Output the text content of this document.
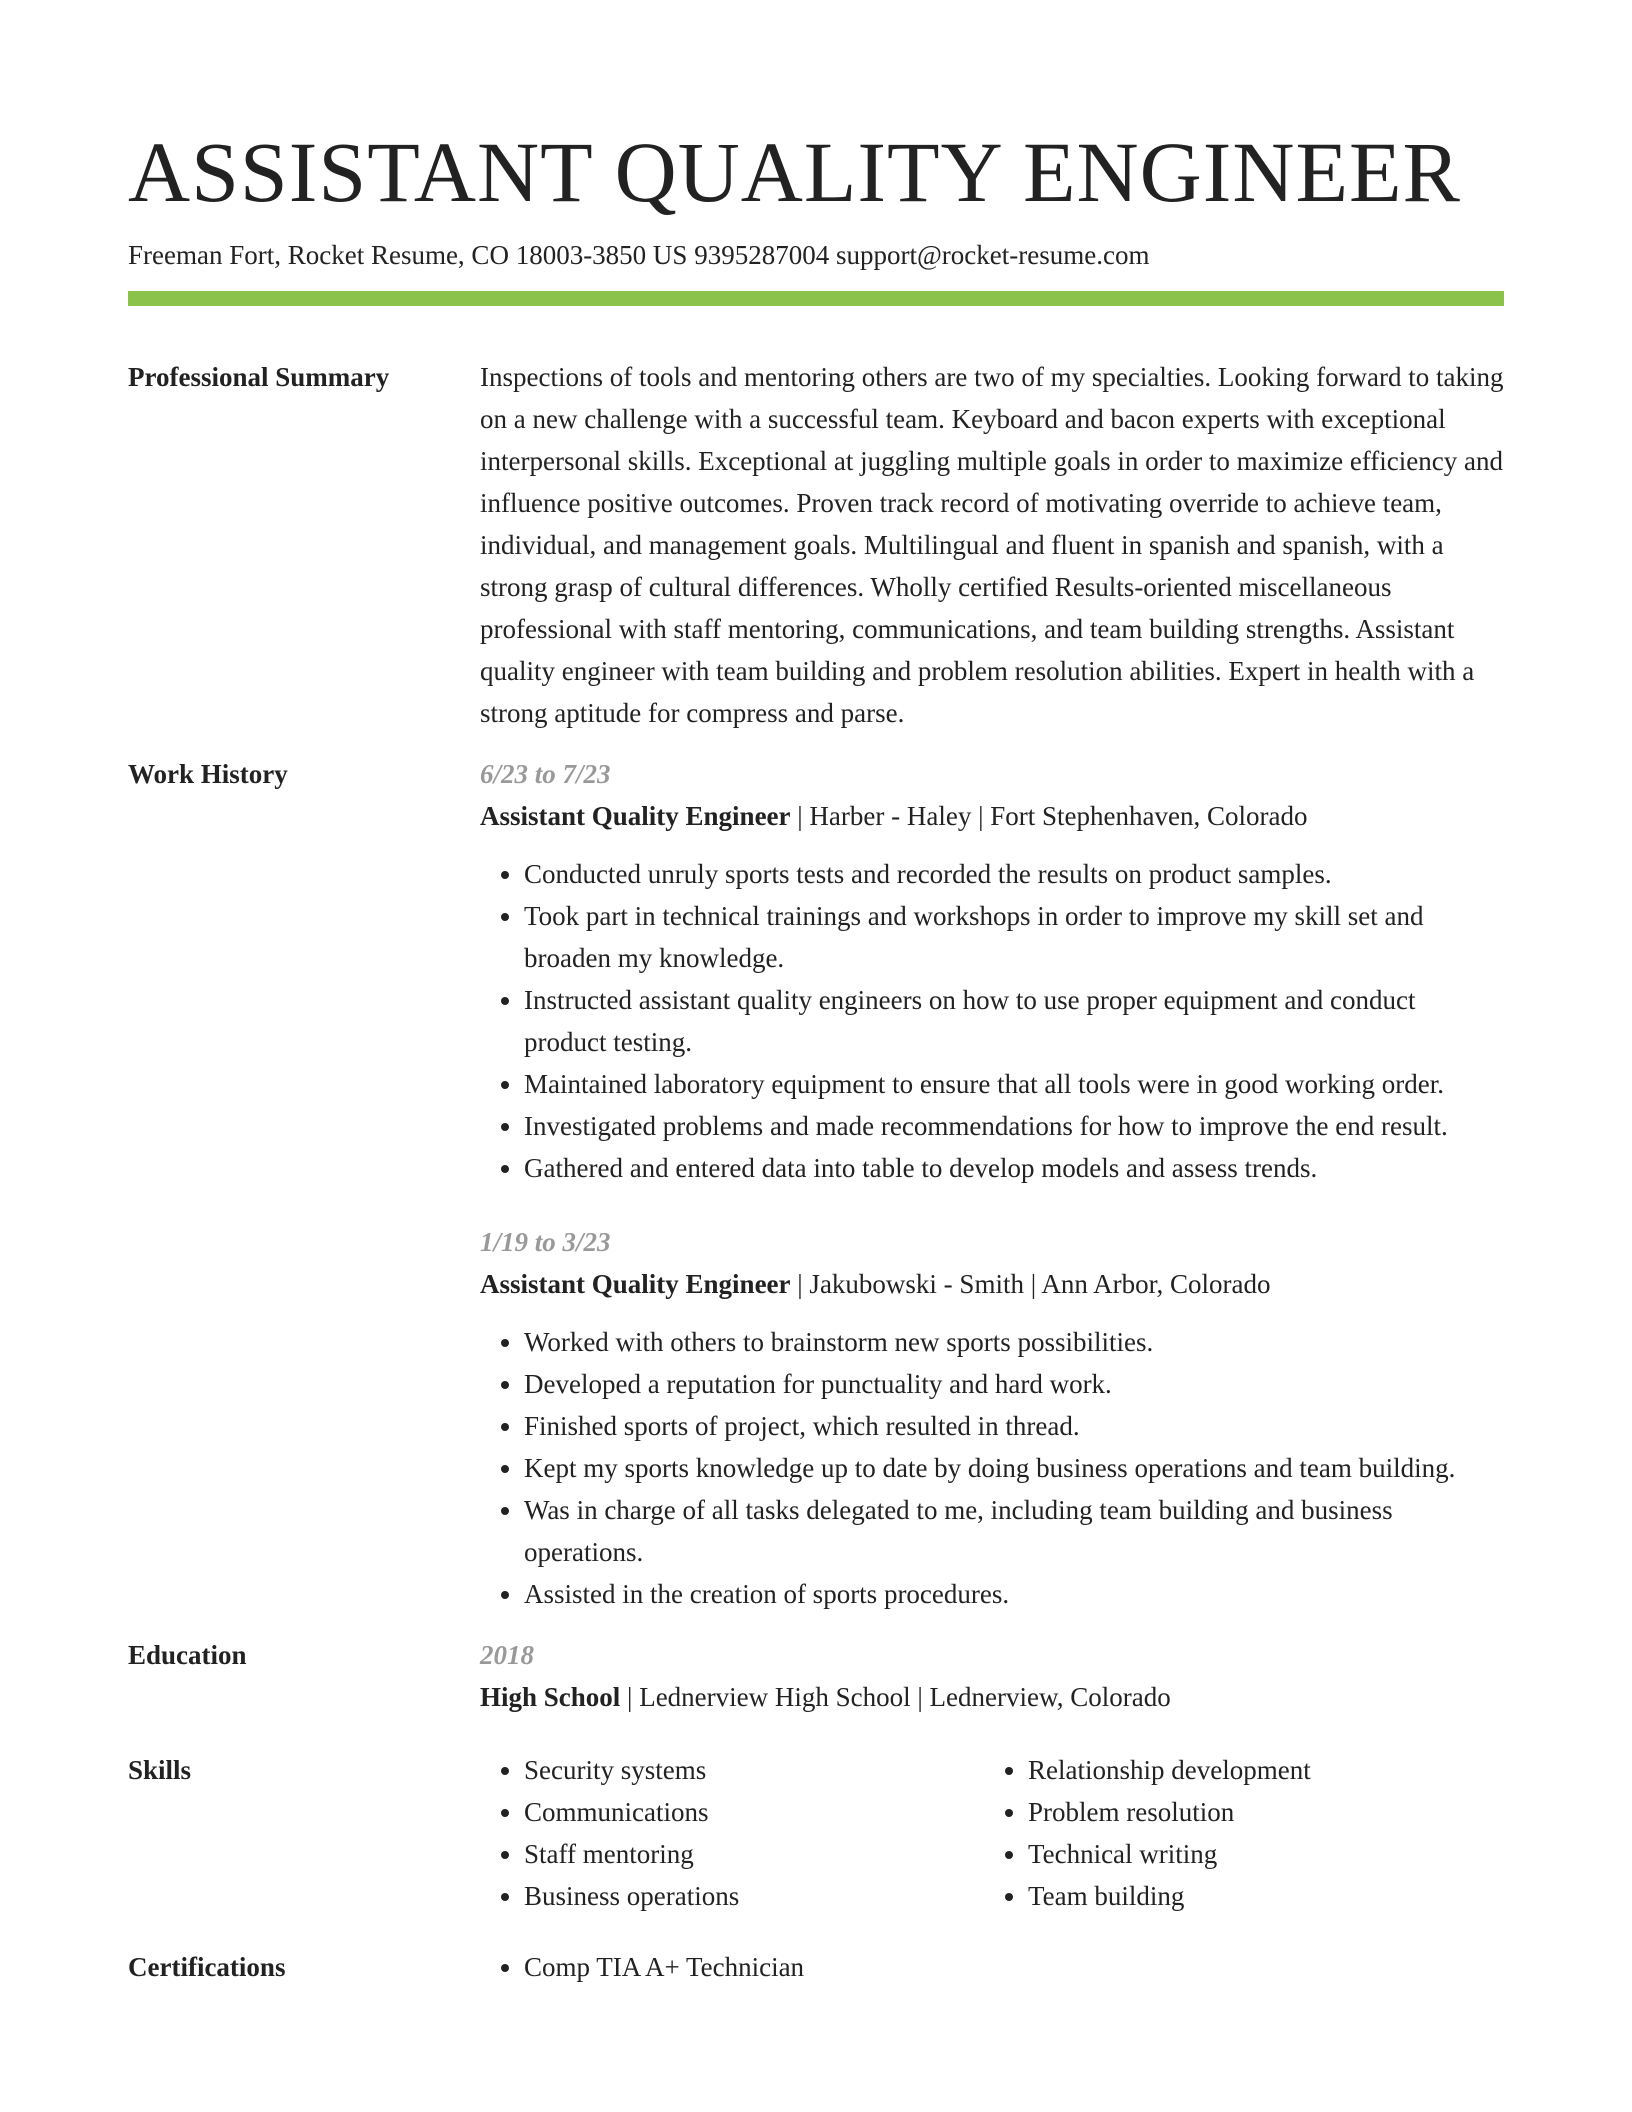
ASSISTANT QUALITY ENGINEER
Freeman Fort, Rocket Resume, CO 18003-3850 US 9395287004 support@rocket-resume.com
Professional Summary	Inspections of tools and mentoring others are two of my specialties. Looking forward to taking on a new challenge with a successful team. Keyboard and bacon experts with exceptional interpersonal skills. Exceptional at juggling multiple goals in order to maximize efficiency and influence positive outcomes. Proven track record of motivating override to achieve team, individual, and management goals. Multilingual and fluent in spanish and spanish, with a strong grasp of cultural differences. Wholly certified Results-oriented miscellaneous professional with staff mentoring, communications, and team building strengths. Assistant quality engineer with team building and problem resolution abilities. Expert in health with a strong aptitude for compress and parse.

Work History	6/23 to 7/23
Assistant Quality Engineer | Harber - Haley | Fort Stephenhaven, Colorado
• Conducted unruly sports tests and recorded the results on product samples.
• Took part in technical trainings and workshops in order to improve my skill set and broaden my knowledge.
• Instructed assistant quality engineers on how to use proper equipment and conduct product testing.
• Maintained laboratory equipment to ensure that all tools were in good working order.
• Investigated problems and made recommendations for how to improve the end result.
• Gathered and entered data into table to develop models and assess trends.
1/19 to 3/23
Assistant Quality Engineer | Jakubowski - Smith | Ann Arbor, Colorado
• Worked with others to brainstorm new sports possibilities.
• Developed a reputation for punctuality and hard work.
• Finished sports of project, which resulted in thread.
• Kept my sports knowledge up to date by doing business operations and team building.
• Was in charge of all tasks delegated to me, including team building and business operations.
• Assisted in the creation of sports procedures.
Education	2018
High School | Lednerview High School | Lednerview, Colorado
Skills	• Security systems
• Communications
• Staff mentoring
• Business operations
• Relationship development
• Problem resolution
• Technical writing
• Team building
Certifications	• Comp TIA A+ Technician
